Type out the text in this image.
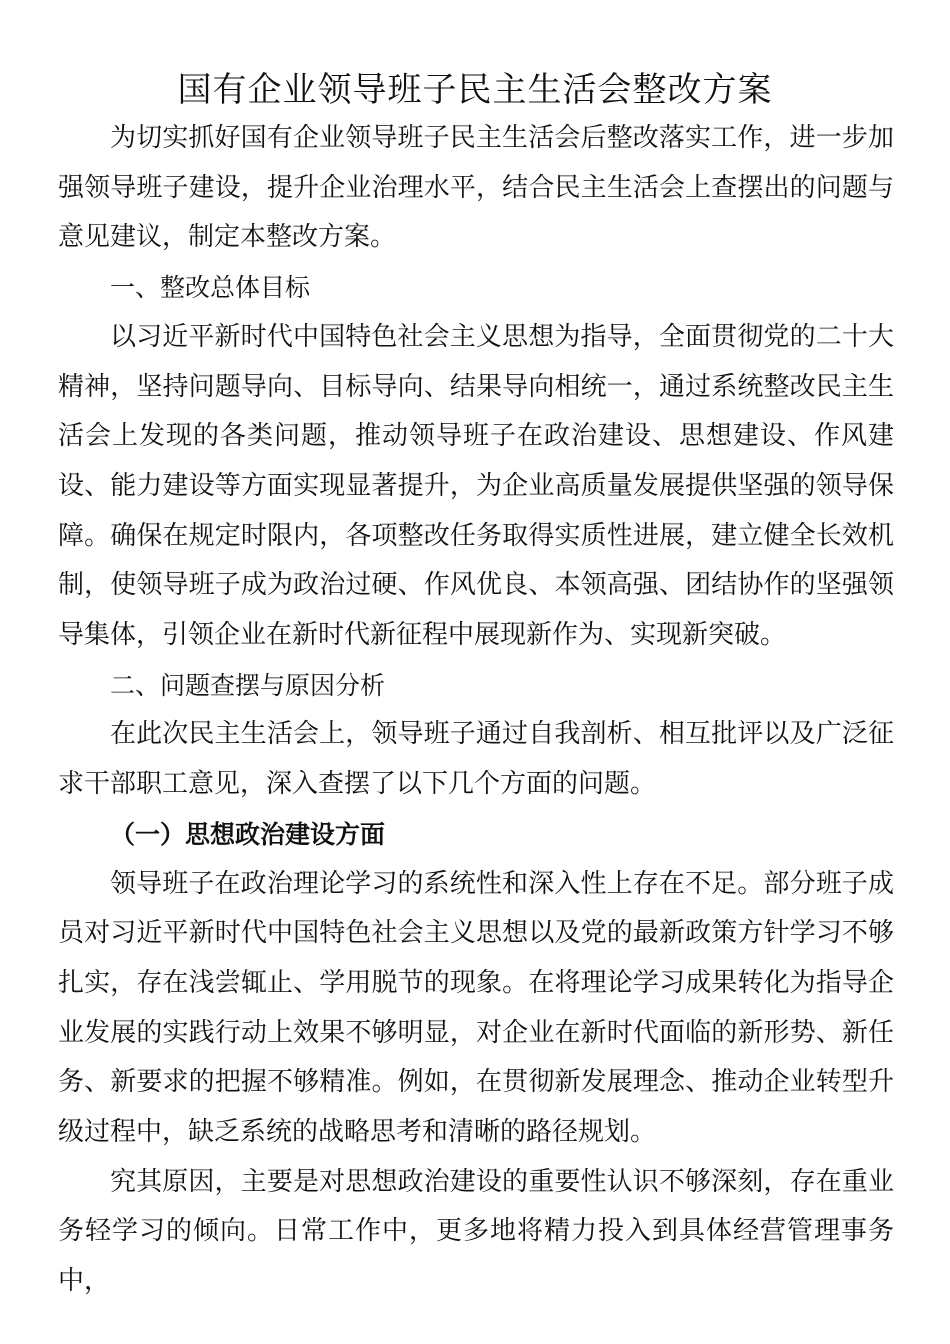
国有企业领导班子民主生活会整改方案

为切实抓好国有企业领导班子民主生活会后整改落实工作，进一步加强领导班子建设，提升企业治理水平，结合民主生活会上查摆出的问题与意见建议，制定本整改方案。

一、整改总体目标

以习近平新时代中国特色社会主义思想为指导，全面贯彻党的二十大精神，坚持问题导向、目标导向、结果导向相统一，通过系统整改民主生活会上发现的各类问题，推动领导班子在政治建设、思想建设、作风建设、能力建设等方面实现显著提升，为企业高质量发展提供坚强的领导保障。确保在规定时限内，各项整改任务取得实质性进展，建立健全长效机制，使领导班子成为政治过硬、作风优良、本领高强、团结协作的坚强领导集体，引领企业在新时代新征程中展现新作为、实现新突破。

二、问题查摆与原因分析

在此次民主生活会上，领导班子通过自我剖析、相互批评以及广泛征求干部职工意见，深入查摆了以下几个方面的问题。

（一）思想政治建设方面

领导班子在政治理论学习的系统性和深入性上存在不足。部分班子成员对习近平新时代中国特色社会主义思想以及党的最新政策方针学习不够扎实，存在浅尝辄止、学用脱节的现象。在将理论学习成果转化为指导企业发展的实践行动上效果不够明显，对企业在新时代面临的新形势、新任务、新要求的把握不够精准。例如，在贯彻新发展理念、推动企业转型升级过程中，缺乏系统的战略思考和清晰的路径规划。

究其原因，主要是对思想政治建设的重要性认识不够深刻，存在重业务轻学习的倾向。日常工作中，更多地将精力投入到具体经营管理事务中，
